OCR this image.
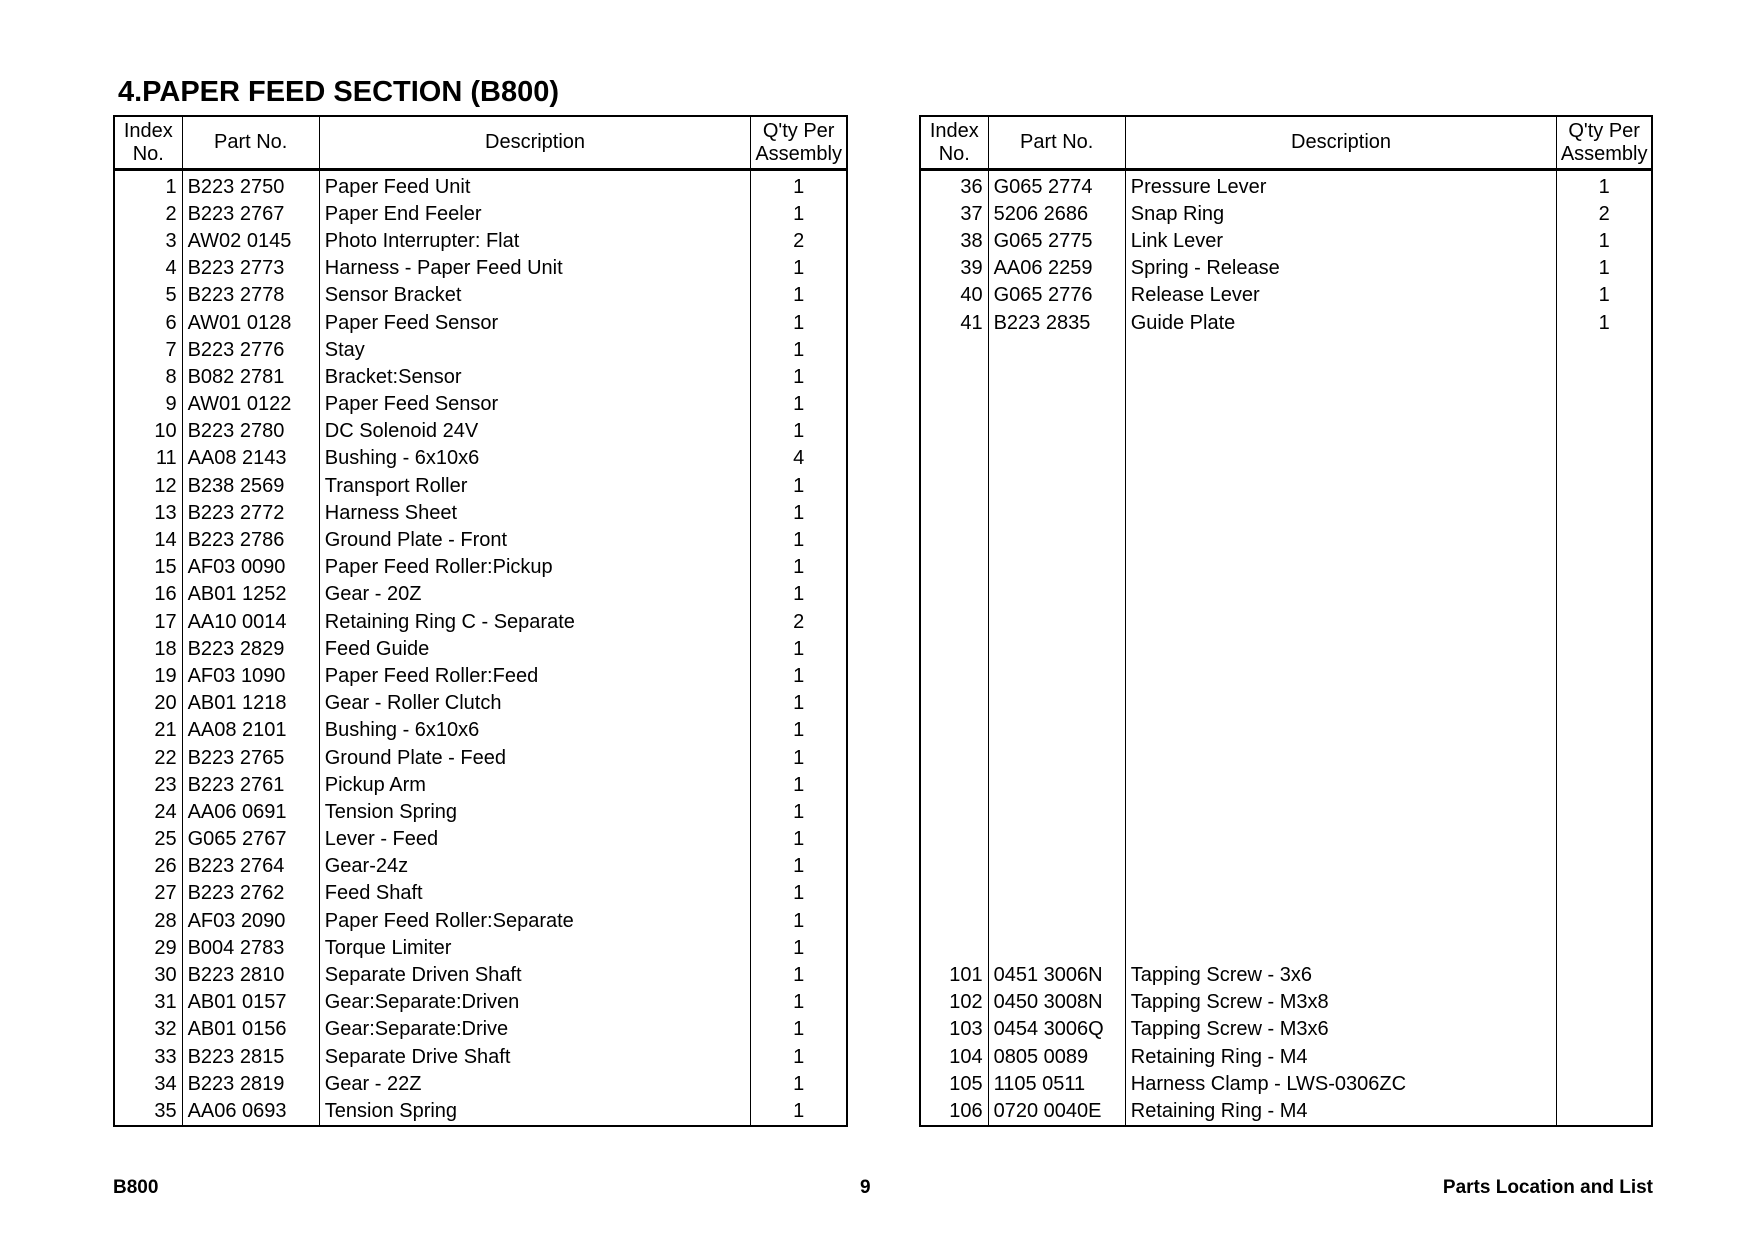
4.PAPER FEED SECTION (B800)
Index
No.	Part No.	Description	Q'ty Per
Assembly
1	B223 2750	Paper Feed Unit	1
2	B223 2767	Paper End Feeler	1
3	AW02 0145	Photo Interrupter: Flat	2
4	B223 2773	Harness - Paper Feed Unit	1
5	B223 2778	Sensor Bracket	1
6	AW01 0128	Paper Feed Sensor	1
7	B223 2776	Stay	1
8	B082 2781	Bracket:Sensor	1
9	AW01 0122	Paper Feed Sensor	1
10	B223 2780	DC Solenoid 24V	1
11	AA08 2143	Bushing - 6x10x6	4
12	B238 2569	Transport Roller	1
13	B223 2772	Harness Sheet	1
14	B223 2786	Ground Plate - Front	1
15	AF03 0090	Paper Feed Roller:Pickup	1
16	AB01 1252	Gear - 20Z	1
17	AA10 0014	Retaining Ring C - Separate	2
18	B223 2829	Feed Guide	1
19	AF03 1090	Paper Feed Roller:Feed	1
20	AB01 1218	Gear - Roller Clutch	1
21	AA08 2101	Bushing - 6x10x6	1
22	B223 2765	Ground Plate - Feed	1
23	B223 2761	Pickup Arm	1
24	AA06 0691	Tension Spring	1
25	G065 2767	Lever - Feed	1
26	B223 2764	Gear-24z	1
27	B223 2762	Feed Shaft	1
28	AF03 2090	Paper Feed Roller:Separate	1
29	B004 2783	Torque Limiter	1
30	B223 2810	Separate Driven Shaft	1
31	AB01 0157	Gear:Separate:Driven	1
32	AB01 0156	Gear:Separate:Drive	1
33	B223 2815	Separate Drive Shaft	1
34	B223 2819	Gear - 22Z	1
35	AA06 0693	Tension Spring	1
Index
No.	Part No.	Description	Q'ty Per
Assembly
36	G065 2774	Pressure Lever	1
37	5206 2686	Snap Ring	2
38	G065 2775	Link Lever	1
39	AA06 2259	Spring - Release	1
40	G065 2776	Release Lever	1
41	B223 2835	Guide Plate	1

101	0451 3006N	Tapping Screw - 3x6	
102	0450 3008N	Tapping Screw - M3x8	
103	0454 3006Q	Tapping Screw - M3x6	
104	0805 0089	Retaining Ring - M4	
105	1105 0511	Harness Clamp - LWS-0306ZC	
106	0720 0040E	Retaining Ring - M4	
B800	9	Parts Location and List
